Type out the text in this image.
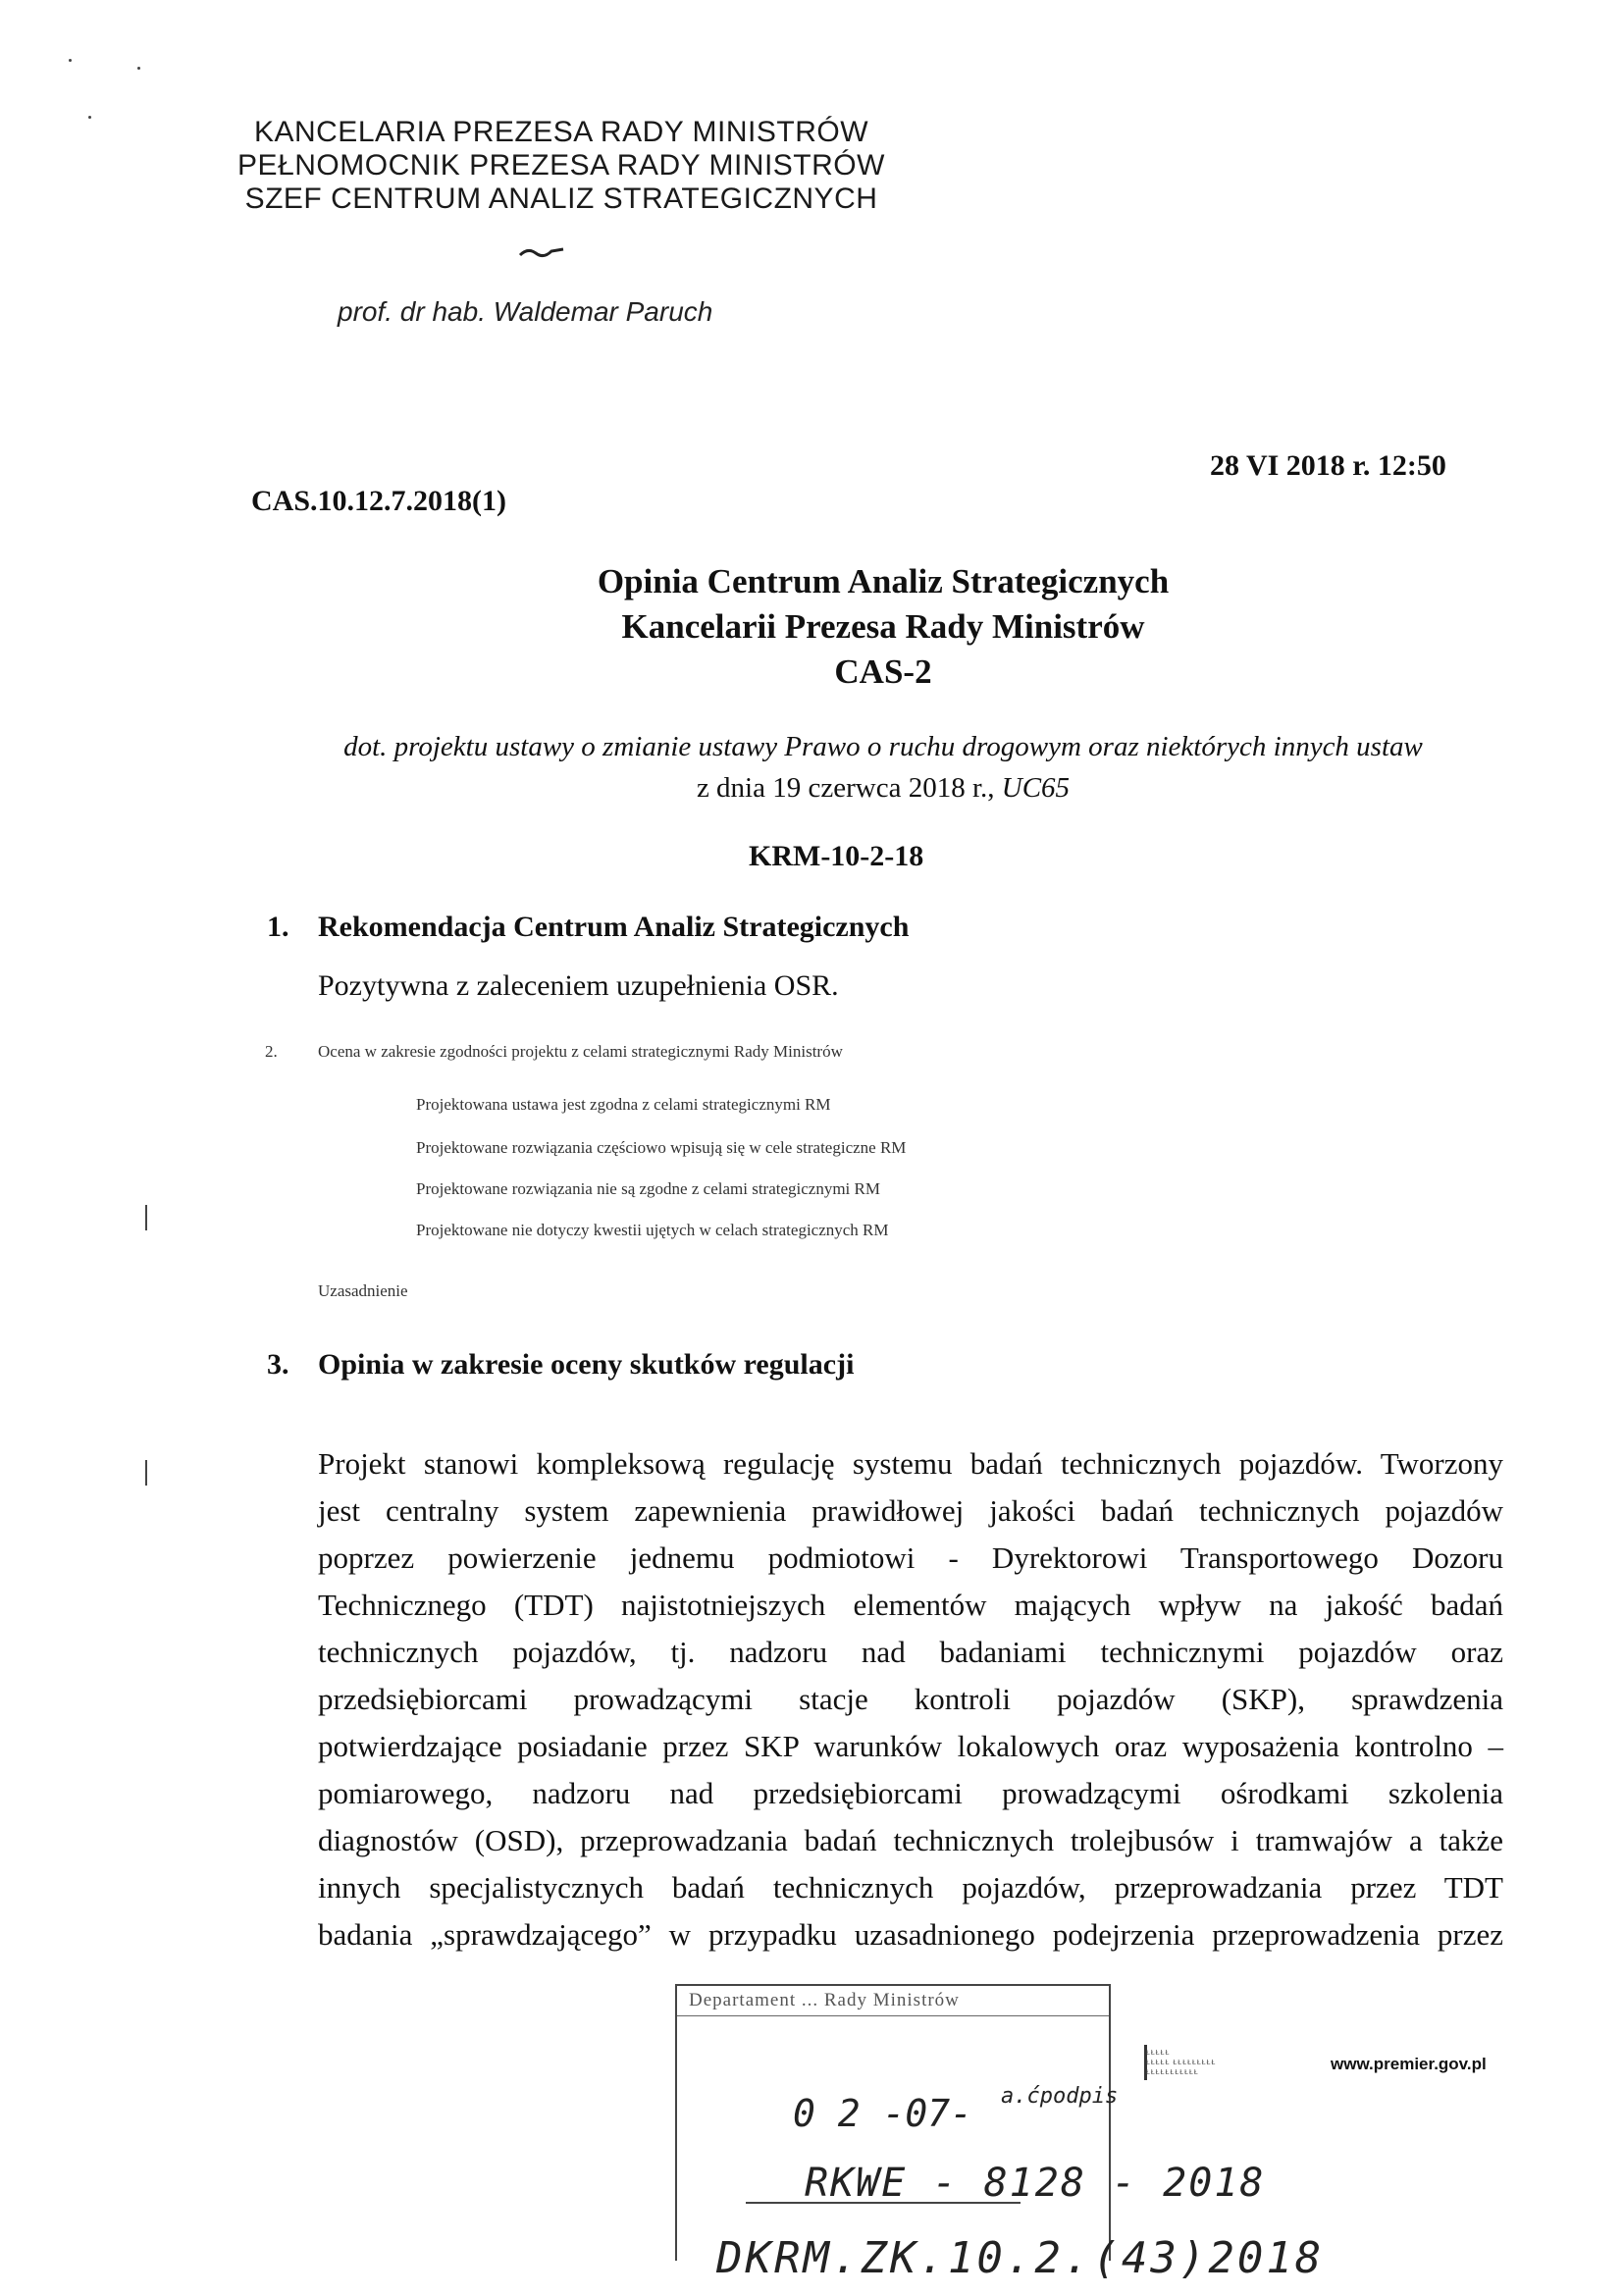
KANCELARIA PREZESA RADY MINISTRÓW
PEŁNOMOCNIK PREZESA RADY MINISTRÓW
SZEF CENTRUM ANALIZ STRATEGICZNYCH
prof. dr hab. Waldemar Paruch
CAS.10.12.7.2018(1)
28 VI 2018 r. 12:50
Opinia Centrum Analiz Strategicznych
Kancelarii Prezesa Rady Ministrów
CAS-2
dot. projektu ustawy o zmianie ustawy Prawo o ruchu drogowym oraz niektórych innych ustaw
z dnia 19 czerwca 2018 r., UC65
KRM-10-2-18
1. Rekomendacja Centrum Analiz Strategicznych
Pozytywna z zaleceniem uzupełnienia OSR.
2. Ocena w zakresie zgodności projektu z celami strategicznymi Rady Ministrów
Projektowana ustawa jest zgodna z celami strategicznymi RM
Projektowane rozwiązania częściowo wpisują się w cele strategiczne RM
Projektowane rozwiązania nie są zgodne z celami strategicznymi RM
Projektowane nie dotyczy kwestii ujętych w celach strategicznych RM
Uzasadnienie
3. Opinia w zakresie oceny skutków regulacji
Projekt stanowi kompleksową regulację systemu badań technicznych pojazdów. Tworzony
jest centralny system zapewnienia prawidłowej jakości badań technicznych pojazdów
poprzez powierzenie jednemu podmiotowi - Dyrektorowi Transportowego Dozoru
Technicznego (TDT) najistotniejszych elementów mających wpływ na jakość badań
technicznych pojazdów, tj. nadzoru nad badaniami technicznymi pojazdów oraz
przedsiębiorcami prowadzącymi stacje kontroli pojazdów (SKP), sprawdzenia
potwierdzające posiadanie przez SKP warunków lokalowych oraz wyposażenia kontrolno –
pomiarowego, nadzoru nad przedsiębiorcami prowadzącymi ośrodkami szkolenia
diagnostów (OSD), przeprowadzania badań technicznych trolejbusów i tramwajów a także
innych specjalistycznych badań technicznych pojazdów, przeprowadzania przez TDT
badania „sprawdzającego” w przypadku uzasadnionego podejrzenia przeprowadzenia przez
Departament ... Rady Ministrów
0 2 -07- a.ćpodpis
RKWE - 8128 - 2018
DKRM.ZK.10.2.(43)2018
ŁŁŁŁŁ
ŁŁŁŁŁ ŁŁŁŁŁŁŁŁŁ
ŁŁŁŁŁŁŁŁŁŁŁ	www.premier.gov.pl
